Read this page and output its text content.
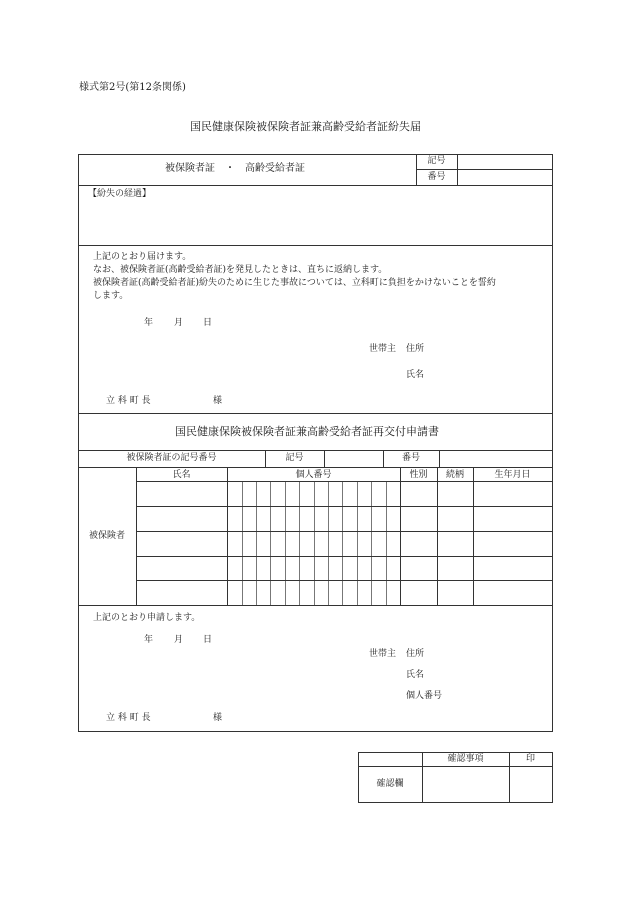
様式第2号(第12条関係)
国民健康保険被保険者証兼高齢受給者証紛失届
被保険者証　・　高齢受給者証
記号
番号
【紛失の経過】
上記のとおり届けます。
なお、被保険者証(高齢受給者証)を発見したときは、直ちに返納します。
被保険者証(高齢受給者証)紛失のために生じた事故については、立科町に負担をかけないことを誓約
します。
年 月 日
世帯主 住所
氏名
立 科 町 長	様
国民健康保険被保険者証兼高齢受給者証再交付申請書
被保険者証の記号番号	記号	番号
氏名	個人番号	性別	続柄	生年月日
被保険者
上記のとおり申請します。
年 月 日
世帯主 住所
氏名
個人番号
立 科 町 長	様
確認事項	印
確認欄
